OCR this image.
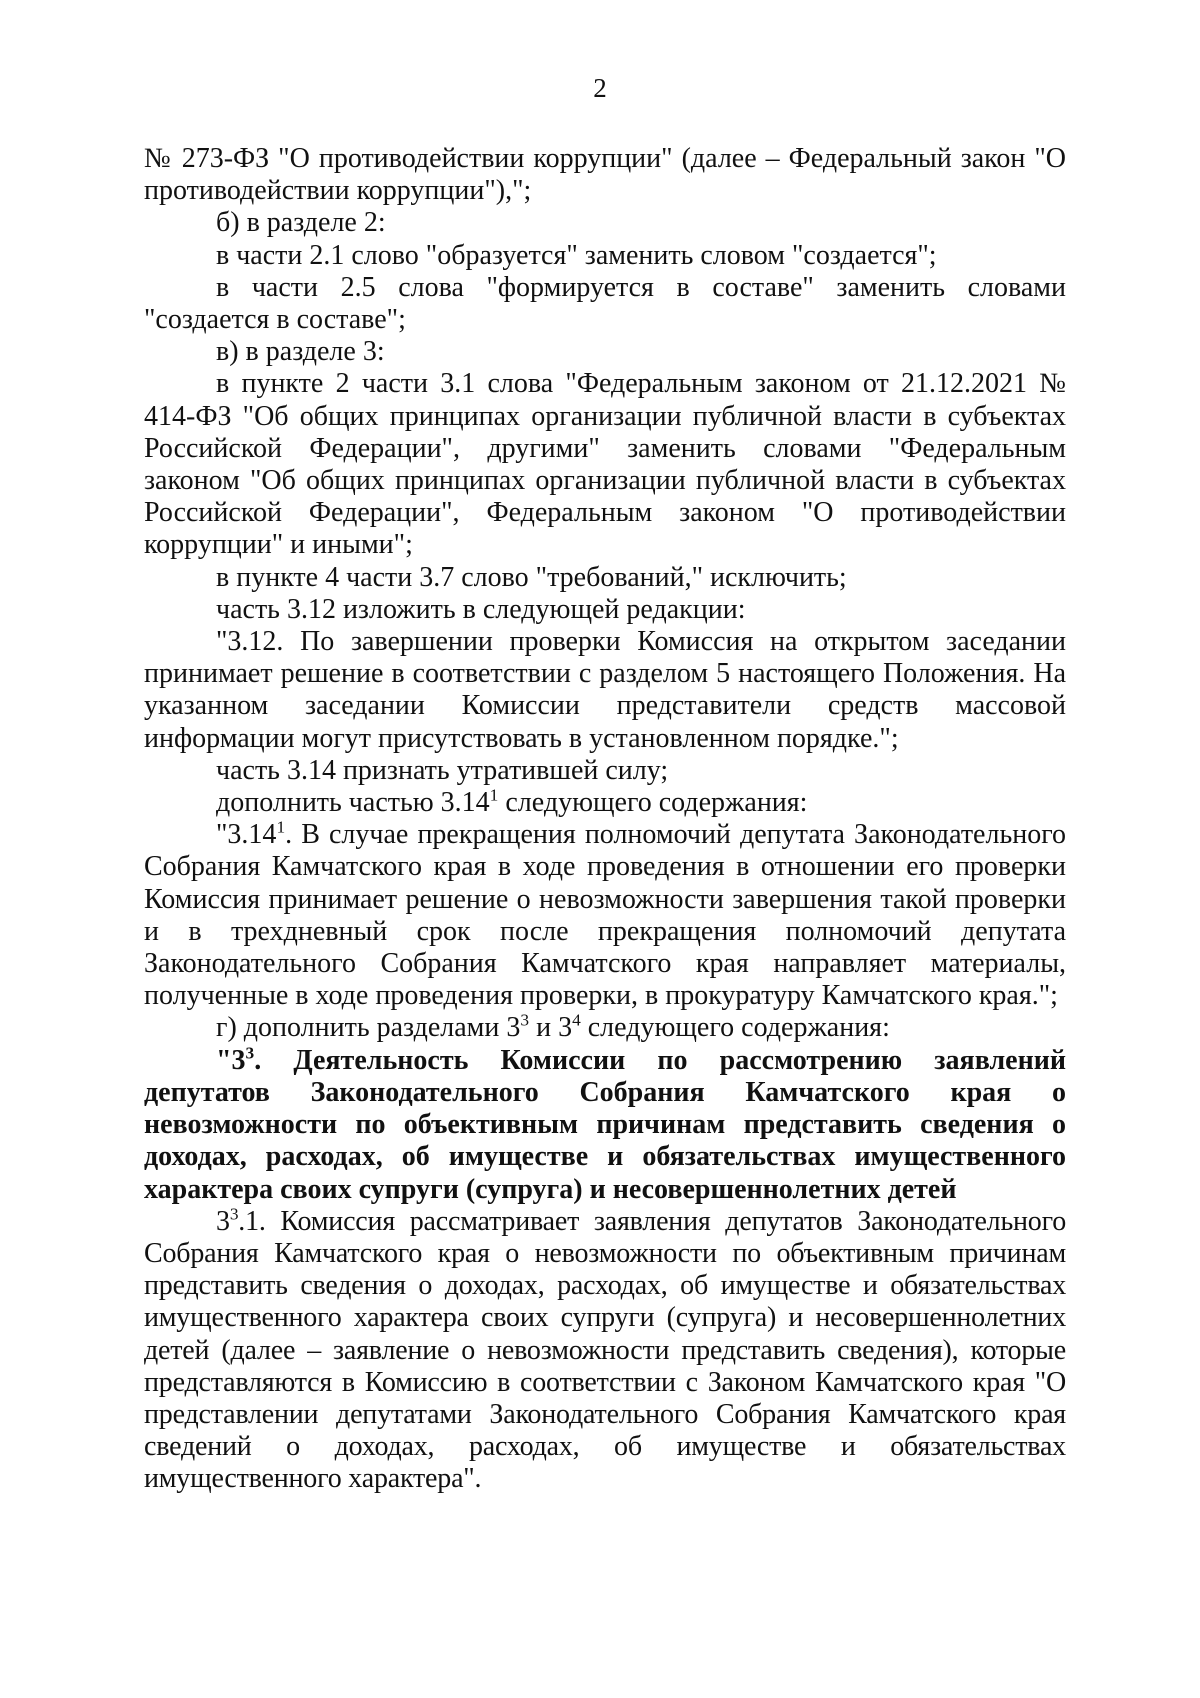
2

№ 273-ФЗ "О противодействии коррупции" (далее – Федеральный закон "О противодействии коррупции"),";

б) в разделе 2:

в части 2.1 слово "образуется" заменить словом "создается";

в части 2.5 слова "формируется в составе" заменить словами "создается в составе";

в) в разделе 3:

в пункте 2 части 3.1 слова "Федеральным законом от 21.12.2021 № 414-ФЗ "Об общих принципах организации публичной власти в субъектах Российской Федерации", другими" заменить словами "Федеральным законом "Об общих принципах организации публичной власти в субъектах Российской Федерации", Федеральным законом "О противодействии коррупции" и иными";

в пункте 4 части 3.7 слово "требований," исключить;

часть 3.12 изложить в следующей редакции:

"3.12. По завершении проверки Комиссия на открытом заседании принимает решение в соответствии с разделом 5 настоящего Положения. На указанном заседании Комиссии представители средств массовой информации могут присутствовать в установленном порядке.";

часть 3.14 признать утратившей силу;

дополнить частью 3.14$^1$ следующего содержания:

"3.14$^1$. В случае прекращения полномочий депутата Законодательного Собрания Камчатского края в ходе проведения в отношении его проверки Комиссия принимает решение о невозможности завершения такой проверки и в трехдневный срок после прекращения полномочий депутата Законодательного Собрания Камчатского края направляет материалы, полученные в ходе проведения проверки, в прокуратуру Камчатского края.";

г) дополнить разделами $3^3$ и $3^4$ следующего содержания:

"$3^3$. Деятельность Комиссии по рассмотрению заявлений депутатов Законодательного Собрания Камчатского края о невозможности по объективным причинам представить сведения о доходах, расходах, об имуществе и обязательствах имущественного характера своих супруги (супруга) и несовершеннолетних детей

$3^3.1$. Комиссия рассматривает заявления депутатов Законодательного Собрания Камчатского края о невозможности по объективным причинам представить сведения о доходах, расходах, об имуществе и обязательствах имущественного характера своих супруги (супруга) и несовершеннолетних детей (далее – заявление о невозможности представить сведения), которые представляются в Комиссию в соответствии с Законом Камчатского края "О представлении депутатами Законодательного Собрания Камчатского края сведений о доходах, расходах, об имуществе и обязательствах имущественного характера".
